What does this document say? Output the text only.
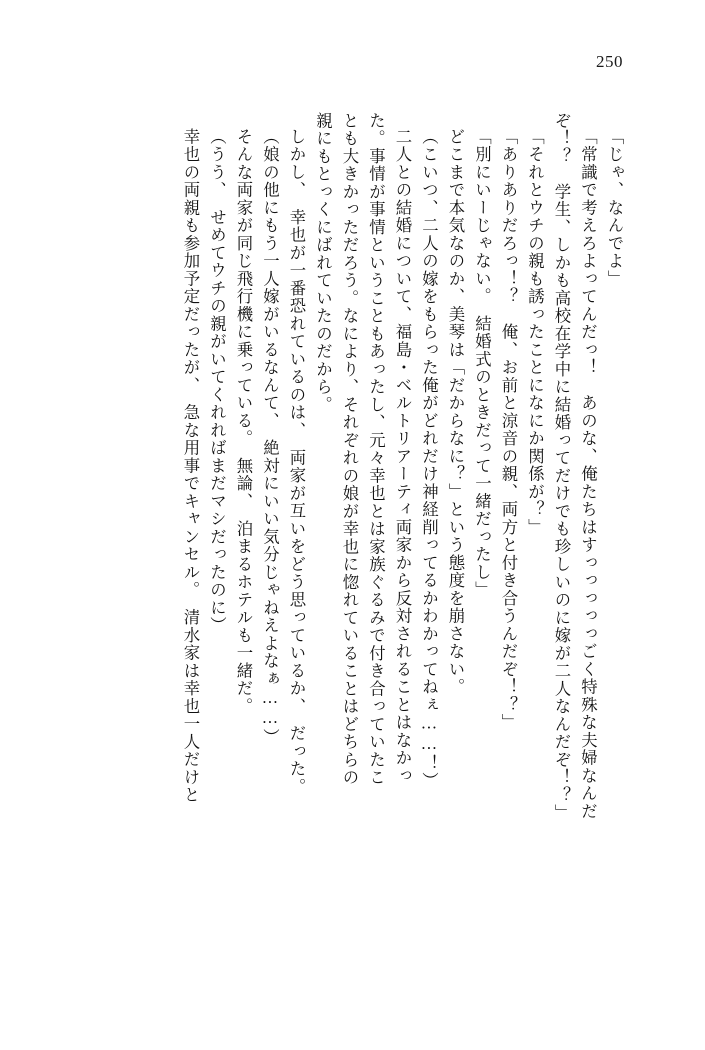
250
「じゃ、なんでよ」
「常識で考えろよってんだっ！　あのな、俺たちはすっっっっっごく特殊な夫婦なんだ
ぞ！？　学生、しかも高校在学中に結婚ってだけでも珍しいのに嫁が二人なんだぞ！？」
「それとウチの親も誘ったことになにか関係が？」
「ありありだろっ！？　俺、お前と涼音の親、両方と付き合うんだぞ！？」
「別にいーじゃない。　結婚式のときだって一緒だったし」
どこまで本気なのか、美琴は「だからなに？」という態度を崩さない。
（こいつ、二人の嫁をもらった俺がどれだけ神経削ってるかわかってねぇ……！）
二人との結婚について、福島・ベルトリアーティ両家から反対されることはなかっ
た。事情が事情ということもあったし、元々幸也とは家族ぐるみで付き合っていたこ
とも大きかっただろう。なにより、それぞれの娘が幸也に惚れていることはどちらの
親にもとっくにばれていたのだから。
しかし、　幸也が一番恐れているのは、　両家が互いをどう思っているか、　だった。
（娘の他にもう一人嫁がいるなんて、　絶対にいい気分じゃねえよなぁ……）
そんな両家が同じ飛行機に乗っている。　無論、　泊まるホテルも一緒だ。
（うう、　せめてウチの親がいてくれればまだマシだったのに）
幸也の両親も参加予定だったが、　急な用事でキャンセル。　清水家は幸也一人だけと
